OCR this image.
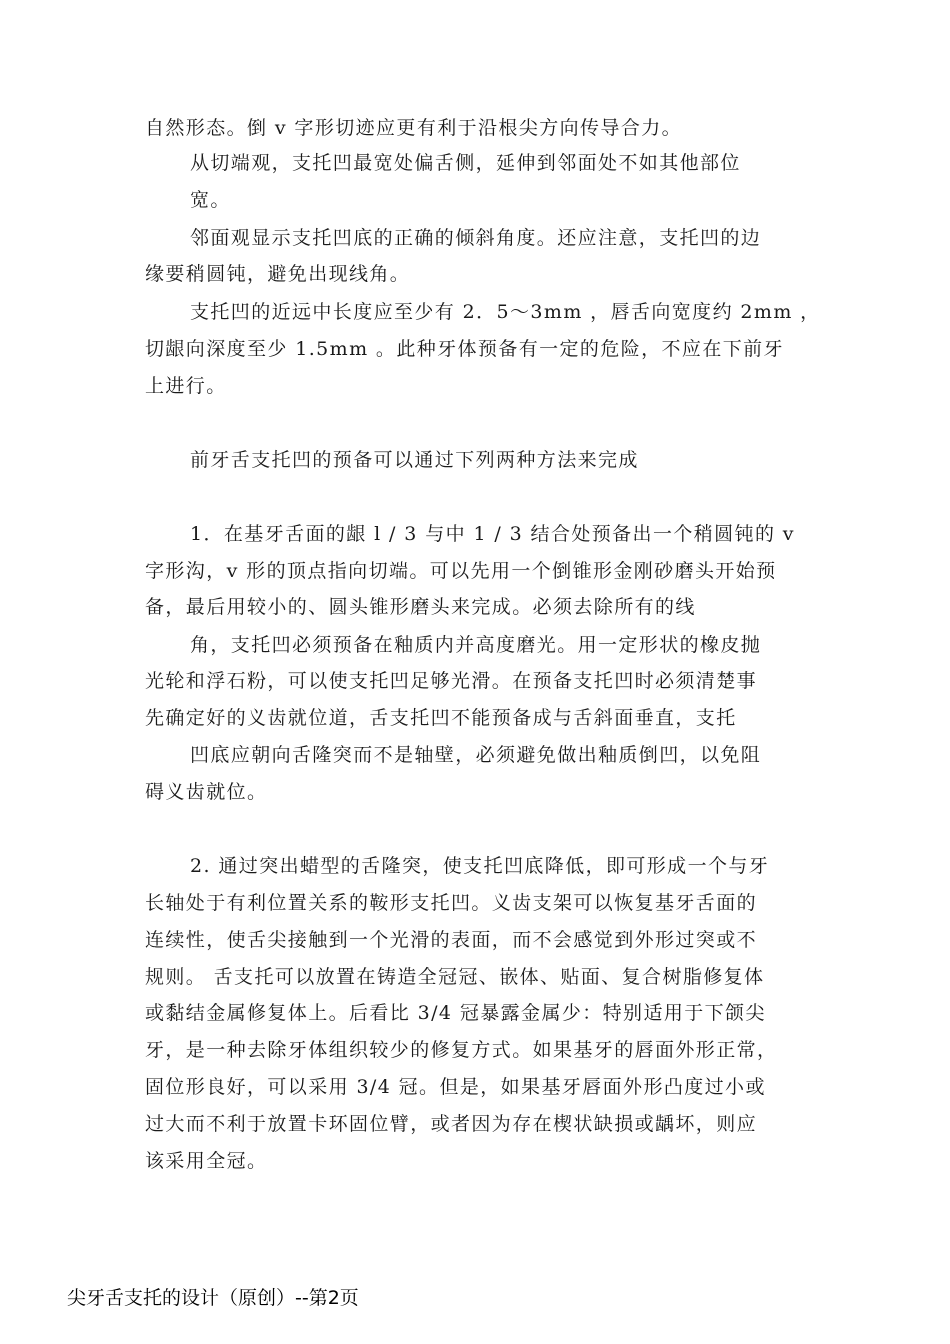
自然形态。倒 v 字形切迹应更有利于沿根尖方向传导合力。
从切端观，支托凹最宽处偏舌侧，延伸到邻面处不如其他部位
宽。
邻面观显示支托凹底的正确的倾斜角度。还应注意，支托凹的边
缘要稍圆钝，避免出现线角。
支托凹的近远中长度应至少有 2．5～3mm ，唇舌向宽度约 2mm ，
切龈向深度至少 1.5mm 。此种牙体预备有一定的危险，不应在下前牙
上进行。
前牙舌支托凹的预备可以通过下列两种方法来完成
1．在基牙舌面的龈 l / 3 与中 1 / 3 结合处预备出一个稍圆钝的 v
字形沟，v 形的顶点指向切端。可以先用一个倒锥形金刚砂磨头开始预
备，最后用较小的、圆头锥形磨头来完成。必须去除所有的线
角，支托凹必须预备在釉质内并高度磨光。用一定形状的橡皮抛
光轮和浮石粉，可以使支托凹足够光滑。在预备支托凹时必须清楚事
先确定好的义齿就位道，舌支托凹不能预备成与舌斜面垂直，支托
凹底应朝向舌隆突而不是轴壁，必须避免做出釉质倒凹，以免阻
碍义齿就位。
2. 通过突出蜡型的舌隆突，使支托凹底降低，即可形成一个与牙
长轴处于有利位置关系的鞍形支托凹。义齿支架可以恢复基牙舌面的
连续性，使舌尖接触到一个光滑的表面，而不会感觉到外形过突或不
规则。 舌支托可以放置在铸造全冠冠、嵌体、贴面、复合树脂修复体
或黏结金属修复体上。后看比 3/4 冠暴露金属少：特别适用于下颌尖
牙，是一种去除牙体组织较少的修复方式。如果基牙的唇面外形正常，
固位形良好，可以采用 3/4 冠。但是，如果基牙唇面外形凸度过小或
过大而不利于放置卡环固位臂，或者因为存在楔状缺损或龋坏，则应
该采用全冠。
尖牙舌支托的设计（原创）--第2页
